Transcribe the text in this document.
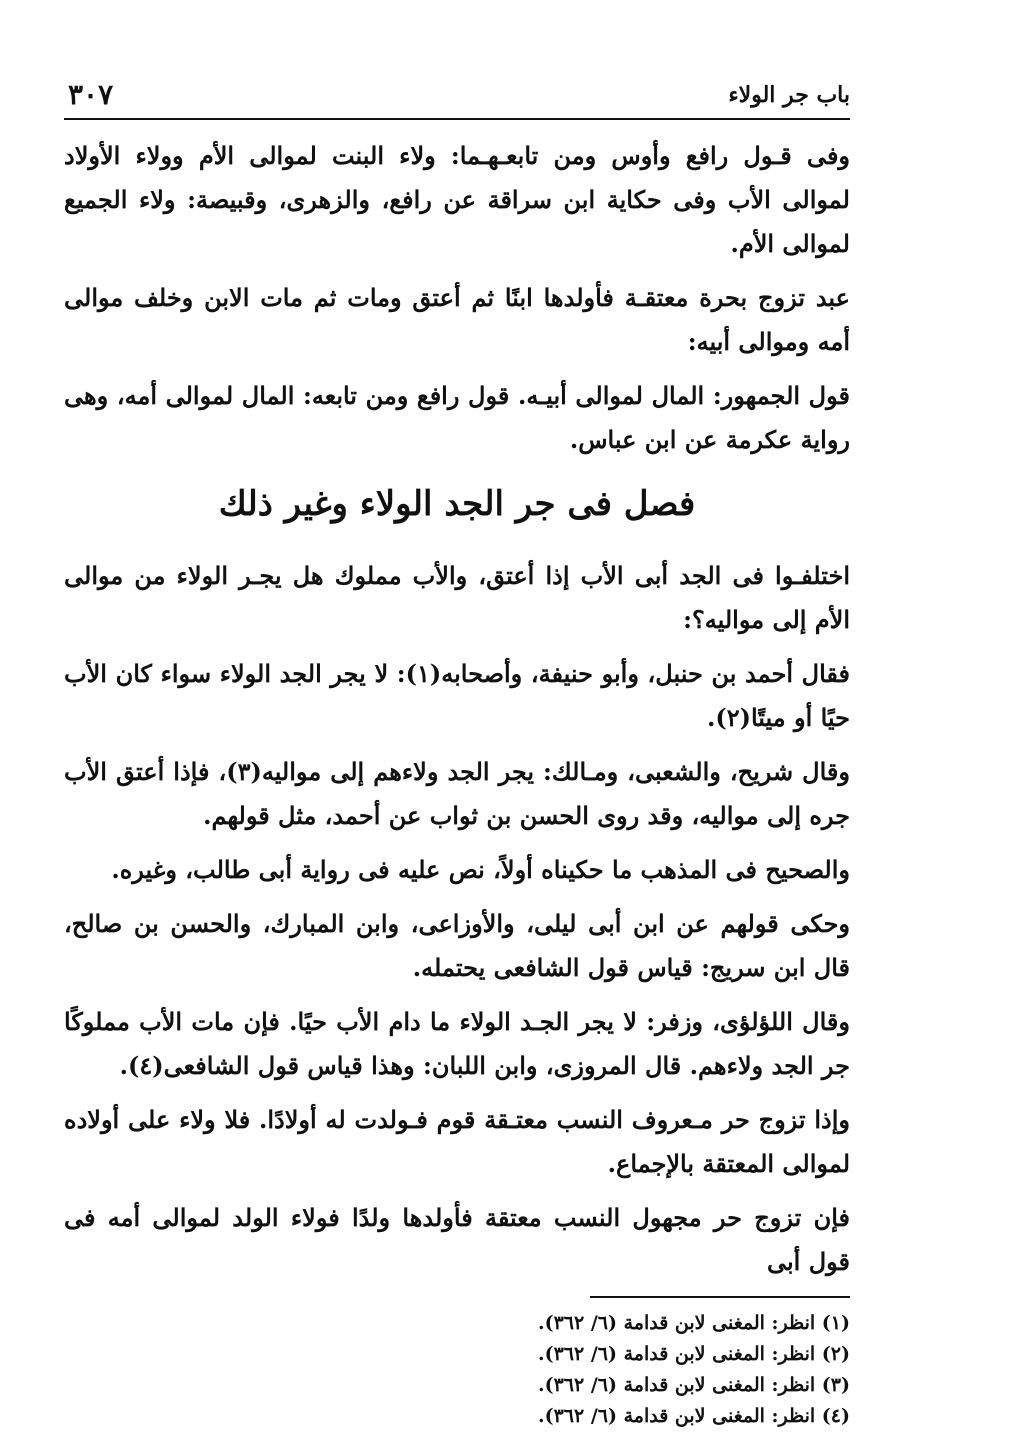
باب جر الولاء
٣٠٧

وفى قـول رافع وأوس ومن تابعـهـما: ولاء البنت لموالى الأم وولاء الأولاد لموالى الأب وفى حكاية ابن سراقة عن رافع، والزهرى، وقبيصة: ولاء الجميع لموالى الأم.

عبد تزوج بحرة معتقـة فأولدها ابنًا ثم أعتق ومات ثم مات الابن وخلف موالى أمه وموالى أبيه:

قول الجمهور: المال لموالى أبيـه. قول رافع ومن تابعه: المال لموالى أمه، وهى رواية عكرمة عن ابن عباس.

فصل فى جر الجد الولاء وغير ذلك

اختلفـوا فى الجد أبى الأب إذا أعتق، والأب مملوك هل يجـر الولاء من موالى الأم إلى مواليه؟:

فقال أحمد بن حنبل، وأبو حنيفة، وأصحابه(١): لا يجر الجد الولاء سواء كان الأب حيًا أو ميتًا(٢).

وقال شريح، والشعبى، ومـالك: يجر الجد ولاءهم إلى مواليه(٣)، فإذا أعتق الأب جره إلى مواليه، وقد روى الحسن بن ثواب عن أحمد، مثل قولهم.

والصحيح فى المذهب ما حكيناه أولاً، نص عليه فى رواية أبى طالب، وغيره.

وحكى قولهم عن ابن أبى ليلى، والأوزاعى، وابن المبارك، والحسن بن صالح، قال ابن سريج: قياس قول الشافعى يحتمله.

وقال اللؤلؤى، وزفر: لا يجر الجـد الولاء ما دام الأب حيًا. فإن مات الأب مملوكًا جر الجد ولاءهم. قال المروزى، وابن اللبان: وهذا قياس قول الشافعى(٤).

وإذا تزوج حر مـعروف النسب معتـقة قوم فـولدت له أولادًا. فلا ولاء على أولاده لموالى المعتقة بالإجماع.

فإن تزوج حر مجهول النسب معتقة فأولدها ولدًا فولاء الولد لموالى أمه فى قول أبى

(١) انظر: المغنى لابن قدامة (٦/ ٣٦٢).
(٢) انظر: المغنى لابن قدامة (٦/ ٣٦٢).
(٣) انظر: المغنى لابن قدامة (٦/ ٣٦٢).
(٤) انظر: المغنى لابن قدامة (٦/ ٣٦٢).
